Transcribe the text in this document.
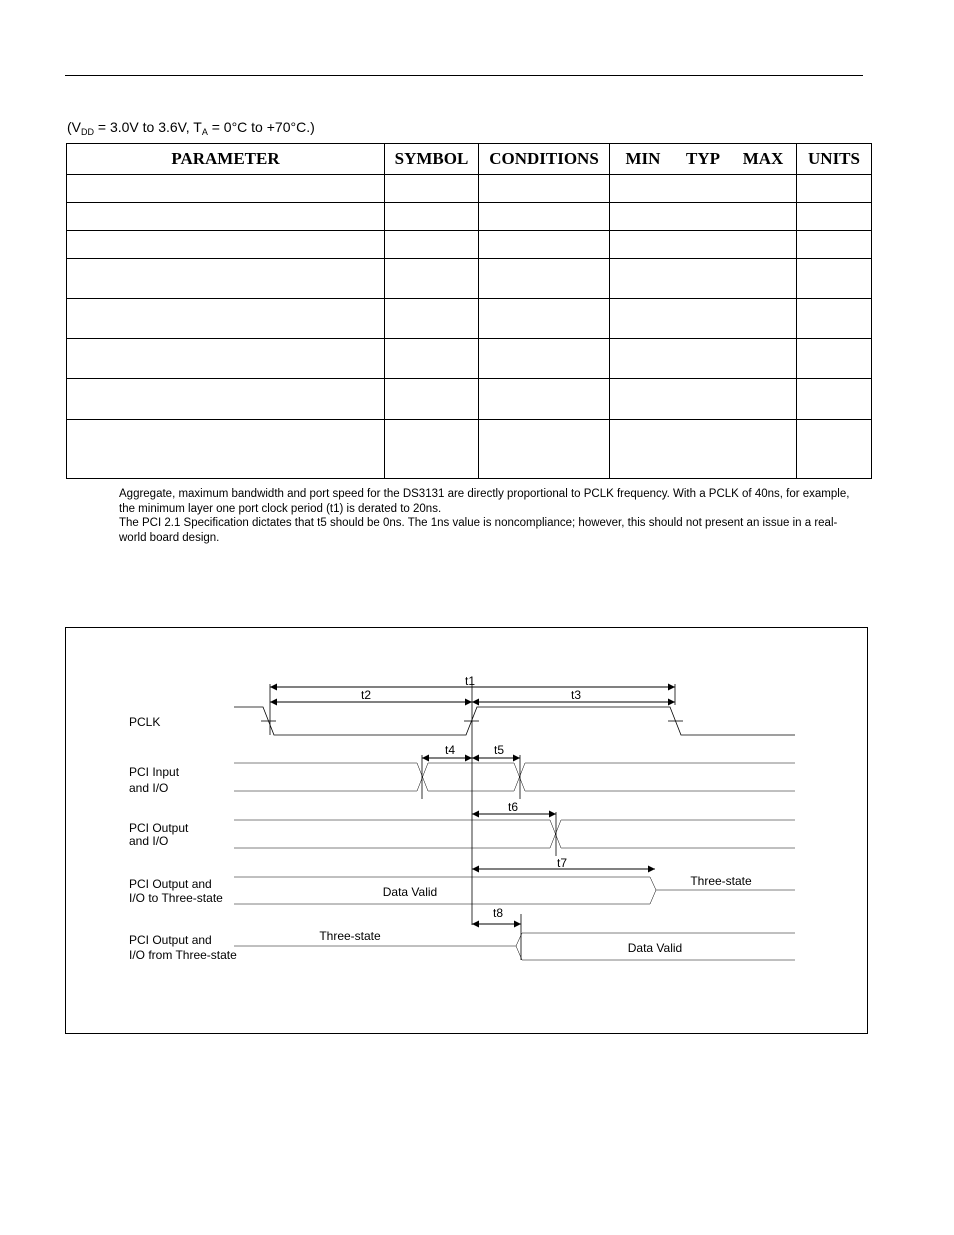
($V_{DD} = 3.0V$ to 3.6V, $T_A = 0^\circ C$ to +70°C.)
PARAMETER	SYMBOL	CONDITIONS	MIN TYP MAX	UNITS

Aggregate, maximum bandwidth and port speed for the DS3131 are directly proportional to PCLK frequency. With a PCLK of 40ns, for example, the minimum layer one port clock period (t1) is derated to 20ns.

The PCI 2.1 Specification dictates that t5 should be 0ns. The 1ns value is noncompliance; however, this should not present an issue in a real-world board design.

PCLK
PCI Input
and I/O
PCI Output
and I/O
PCI Output and
I/O to Three-state
PCI Output and
I/O from Three-state
t1
t2	t3
t4	t5
t6
t7
Data Valid
Three-state
t8
Three-state
Data Valid
